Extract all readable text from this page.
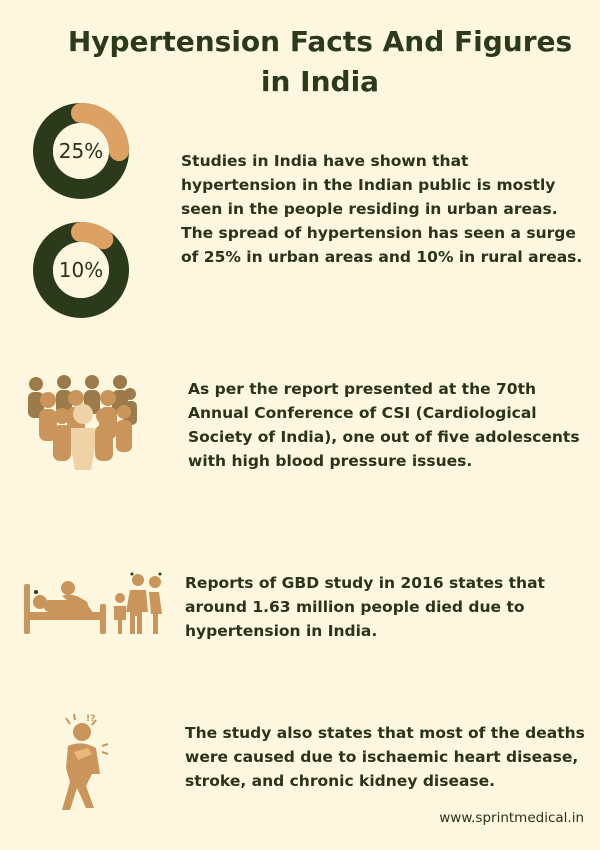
Hypertension Facts And Figures
in India
25%
10%

Studies in India have shown that hypertension in the Indian public is mostly seen in the people residing in urban areas. The spread of hypertension has seen a surge of 25% in urban areas and 10% in rural areas.

As per the report presented at the 70th Annual Conference of CSI (Cardiological Society of India), one out of five adolescents with high blood pressure issues.

Reports of GBD study in 2016 states that around 1.63 million people died due to hypertension in India.

!?

The study also states that most of the deaths were caused due to ischaemic heart disease, stroke, and chronic kidney disease.

www.sprintmedical.in
